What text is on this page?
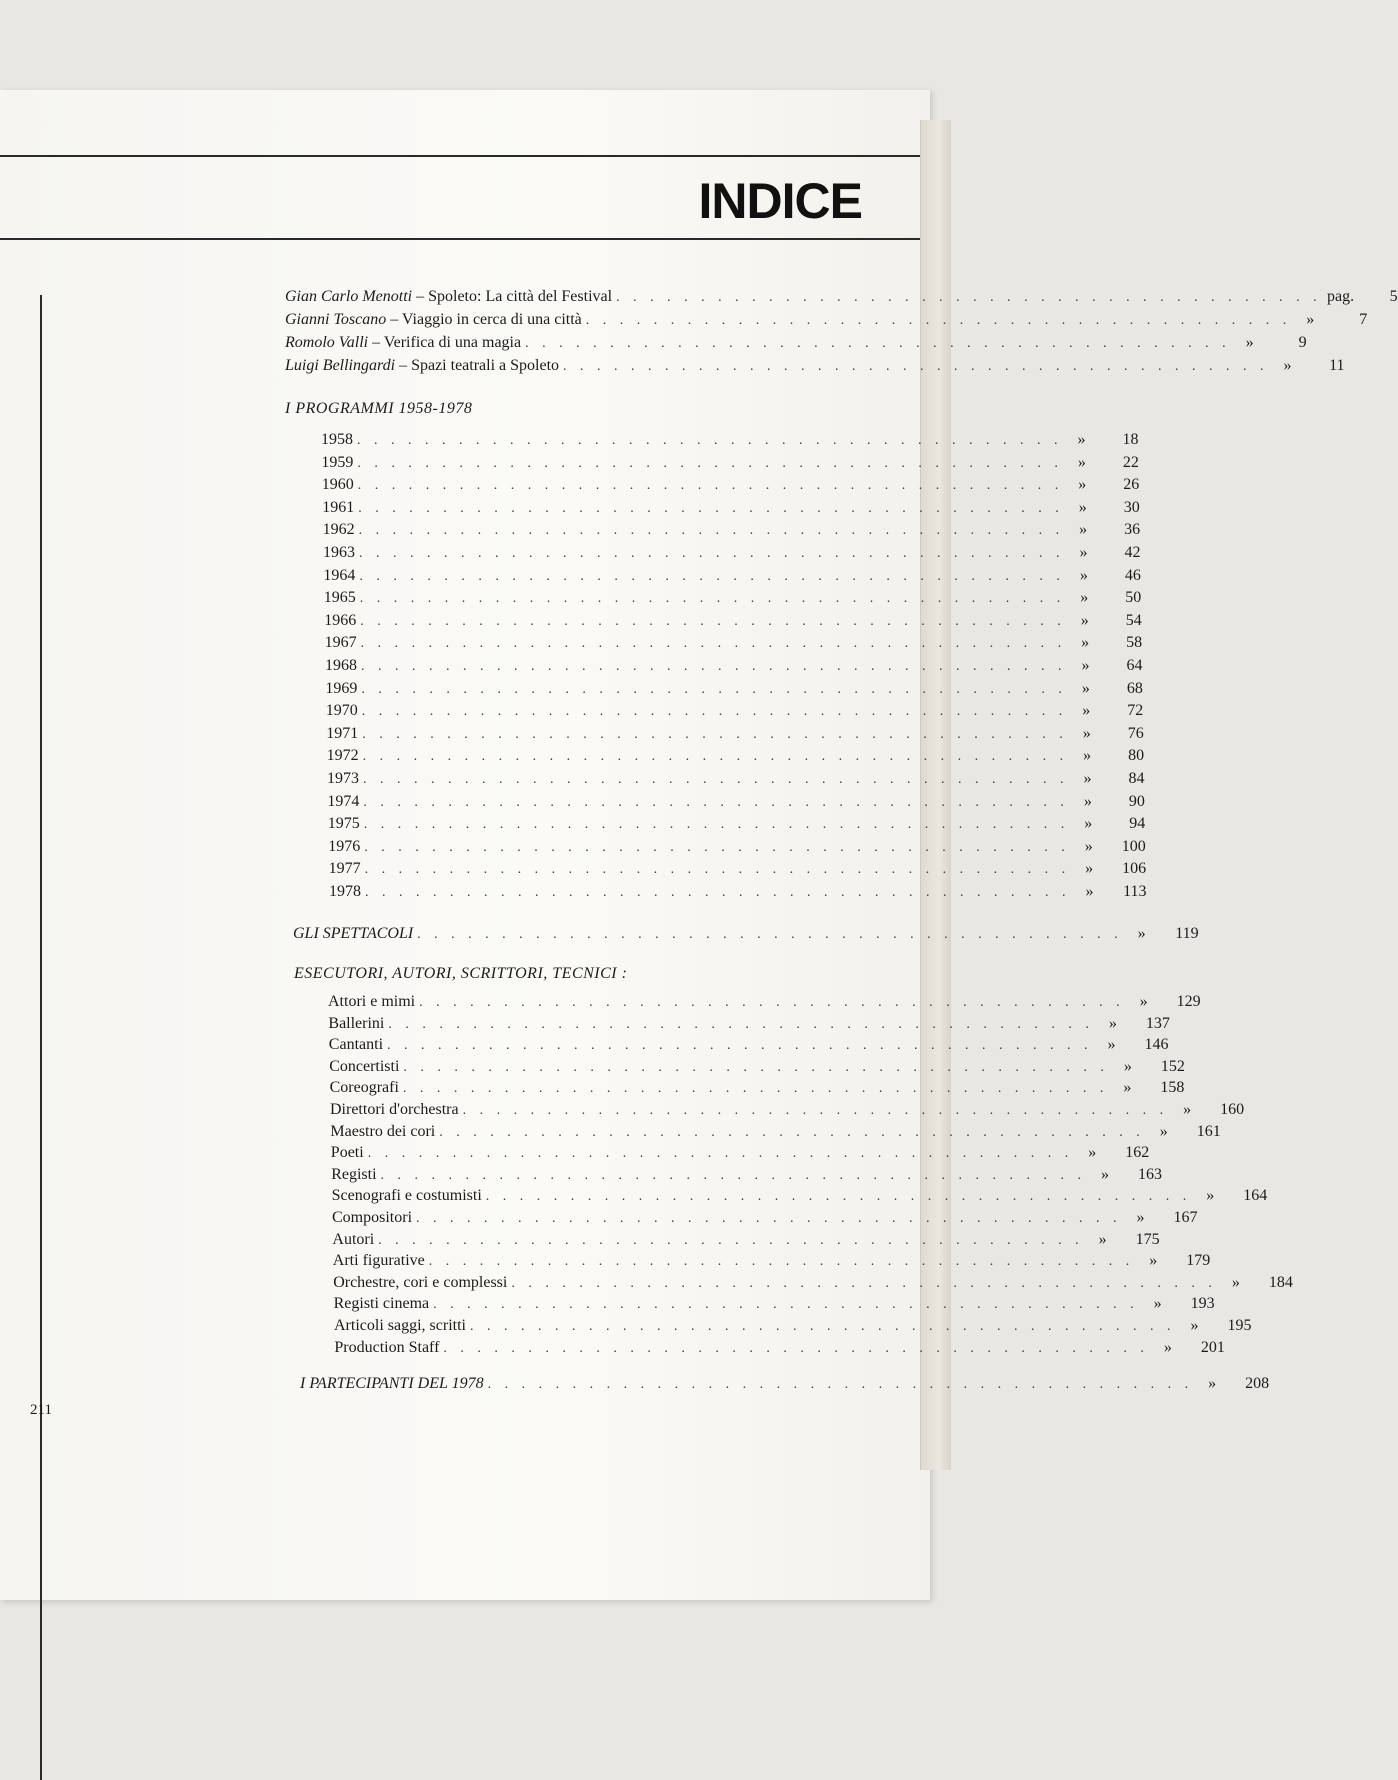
INDICE
211
Gian Carlo Menotti – Spoleto: La città del Festival . . . . . . . . . . . . . . . . . . . . . . . . . . . . . . . . . . . . . . . . . . pag.	5
Gianni Toscano – Viaggio in cerca di una città . . . . . . . . . . . . . . . . . . . . . . . . . . . . . . . . . . . . . . . . . . »	7
Romolo Valli – Verifica di una magia . . . . . . . . . . . . . . . . . . . . . . . . . . . . . . . . . . . . . . . . . . »	9
Luigi Bellingardi – Spazi teatrali a Spoleto . . . . . . . . . . . . . . . . . . . . . . . . . . . . . . . . . . . . . . . . . . »	11
I PROGRAMMI 1958-1978
1958 . . . . . . . . . . . . . . . . . . . . . . . . . . . . . . . . . . . . . . . . . . »	18
1959 . . . . . . . . . . . . . . . . . . . . . . . . . . . . . . . . . . . . . . . . . . »	22
1960 . . . . . . . . . . . . . . . . . . . . . . . . . . . . . . . . . . . . . . . . . . »	26
1961 . . . . . . . . . . . . . . . . . . . . . . . . . . . . . . . . . . . . . . . . . . »	30
1962 . . . . . . . . . . . . . . . . . . . . . . . . . . . . . . . . . . . . . . . . . . »	36
1963 . . . . . . . . . . . . . . . . . . . . . . . . . . . . . . . . . . . . . . . . . . »	42
1964 . . . . . . . . . . . . . . . . . . . . . . . . . . . . . . . . . . . . . . . . . . »	46
1965 . . . . . . . . . . . . . . . . . . . . . . . . . . . . . . . . . . . . . . . . . . »	50
1966 . . . . . . . . . . . . . . . . . . . . . . . . . . . . . . . . . . . . . . . . . . »	54
1967 . . . . . . . . . . . . . . . . . . . . . . . . . . . . . . . . . . . . . . . . . . »	58
1968 . . . . . . . . . . . . . . . . . . . . . . . . . . . . . . . . . . . . . . . . . . »	64
1969 . . . . . . . . . . . . . . . . . . . . . . . . . . . . . . . . . . . . . . . . . . »	68
1970 . . . . . . . . . . . . . . . . . . . . . . . . . . . . . . . . . . . . . . . . . . »	72
1971 . . . . . . . . . . . . . . . . . . . . . . . . . . . . . . . . . . . . . . . . . . »	76
1972 . . . . . . . . . . . . . . . . . . . . . . . . . . . . . . . . . . . . . . . . . . »	80
1973 . . . . . . . . . . . . . . . . . . . . . . . . . . . . . . . . . . . . . . . . . . »	84
1974 . . . . . . . . . . . . . . . . . . . . . . . . . . . . . . . . . . . . . . . . . . »	90
1975 . . . . . . . . . . . . . . . . . . . . . . . . . . . . . . . . . . . . . . . . . . »	94
1976 . . . . . . . . . . . . . . . . . . . . . . . . . . . . . . . . . . . . . . . . . . »	100
1977 . . . . . . . . . . . . . . . . . . . . . . . . . . . . . . . . . . . . . . . . . . »	106
1978 . . . . . . . . . . . . . . . . . . . . . . . . . . . . . . . . . . . . . . . . . . »	113
GLI SPETTACOLI . . . . . . . . . . . . . . . . . . . . . . . . . . . . . . . . . . . . . . . . . . »	119
ESECUTORI, AUTORI, SCRITTORI, TECNICI :
Attori e mimi . . . . . . . . . . . . . . . . . . . . . . . . . . . . . . . . . . . . . . . . . . »	129
Ballerini . . . . . . . . . . . . . . . . . . . . . . . . . . . . . . . . . . . . . . . . . . »	137
Cantanti . . . . . . . . . . . . . . . . . . . . . . . . . . . . . . . . . . . . . . . . . . »	146
Concertisti . . . . . . . . . . . . . . . . . . . . . . . . . . . . . . . . . . . . . . . . . . »	152
Coreografi . . . . . . . . . . . . . . . . . . . . . . . . . . . . . . . . . . . . . . . . . . »	158
Direttori d'orchestra . . . . . . . . . . . . . . . . . . . . . . . . . . . . . . . . . . . . . . . . . . »	160
Maestro dei cori . . . . . . . . . . . . . . . . . . . . . . . . . . . . . . . . . . . . . . . . . . »	161
Poeti . . . . . . . . . . . . . . . . . . . . . . . . . . . . . . . . . . . . . . . . . . »	162
Registi . . . . . . . . . . . . . . . . . . . . . . . . . . . . . . . . . . . . . . . . . . »	163
Scenografi e costumisti . . . . . . . . . . . . . . . . . . . . . . . . . . . . . . . . . . . . . . . . . . »	164
Compositori . . . . . . . . . . . . . . . . . . . . . . . . . . . . . . . . . . . . . . . . . . »	167
Autori . . . . . . . . . . . . . . . . . . . . . . . . . . . . . . . . . . . . . . . . . . »	175
Arti figurative . . . . . . . . . . . . . . . . . . . . . . . . . . . . . . . . . . . . . . . . . . »	179
Orchestre, cori e complessi . . . . . . . . . . . . . . . . . . . . . . . . . . . . . . . . . . . . . . . . . . »	184
Registi cinema . . . . . . . . . . . . . . . . . . . . . . . . . . . . . . . . . . . . . . . . . . »	193
Articoli saggi, scritti . . . . . . . . . . . . . . . . . . . . . . . . . . . . . . . . . . . . . . . . . . »	195
Production Staff . . . . . . . . . . . . . . . . . . . . . . . . . . . . . . . . . . . . . . . . . . »	201
I PARTECIPANTI DEL 1978 . . . . . . . . . . . . . . . . . . . . . . . . . . . . . . . . . . . . . . . . . . »	208
